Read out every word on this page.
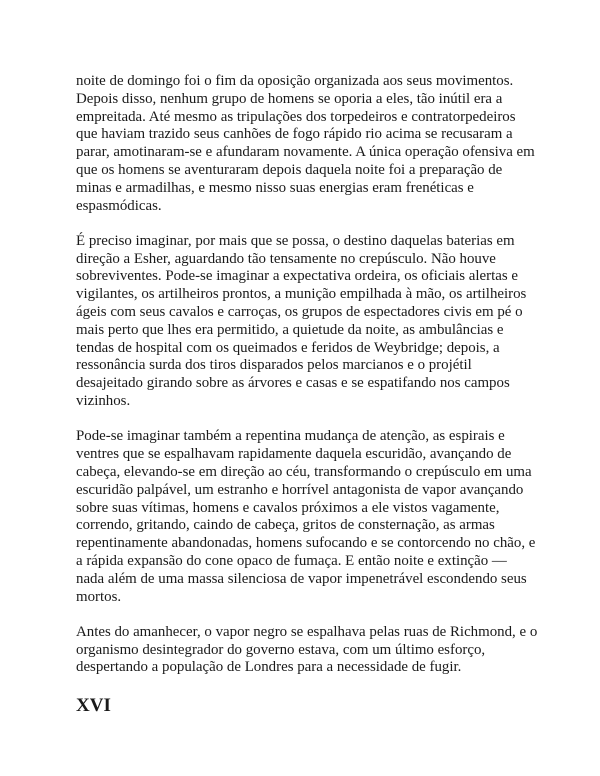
noite de domingo foi o fim da oposição organizada aos seus movimentos. Depois disso, nenhum grupo de homens se oporia a eles, tão inútil era a empreitada. Até mesmo as tripulações dos torpedeiros e contratorpedeiros que haviam trazido seus canhões de fogo rápido rio acima se recusaram a parar, amotinaram-se e afundaram novamente. A única operação ofensiva em que os homens se aventuraram depois daquela noite foi a preparação de minas e armadilhas, e mesmo nisso suas energias eram frenéticas e espasmódicas.

É preciso imaginar, por mais que se possa, o destino daquelas baterias em direção a Esher, aguardando tão tensamente no crepúsculo. Não houve sobreviventes. Pode-se imaginar a expectativa ordeira, os oficiais alertas e vigilantes, os artilheiros prontos, a munição empilhada à mão, os artilheiros ágeis com seus cavalos e carroças, os grupos de espectadores civis em pé o mais perto que lhes era permitido, a quietude da noite, as ambulâncias e tendas de hospital com os queimados e feridos de Weybridge; depois, a ressonância surda dos tiros disparados pelos marcianos e o projétil desajeitado girando sobre as árvores e casas e se espatifando nos campos vizinhos.

Pode-se imaginar também a repentina mudança de atenção, as espirais e ventres que se espalhavam rapidamente daquela escuridão, avançando de cabeça, elevando-se em direção ao céu, transformando o crepúsculo em uma escuridão palpável, um estranho e horrível antagonista de vapor avançando sobre suas vítimas, homens e cavalos próximos a ele vistos vagamente, correndo, gritando, caindo de cabeça, gritos de consternação, as armas repentinamente abandonadas, homens sufocando e se contorcendo no chão, e a rápida expansão do cone opaco de fumaça. E então noite e extinção — nada além de uma massa silenciosa de vapor impenetrável escondendo seus mortos.

Antes do amanhecer, o vapor negro se espalhava pelas ruas de Richmond, e o organismo desintegrador do governo estava, com um último esforço, despertando a população de Londres para a necessidade de fugir.

XVI
